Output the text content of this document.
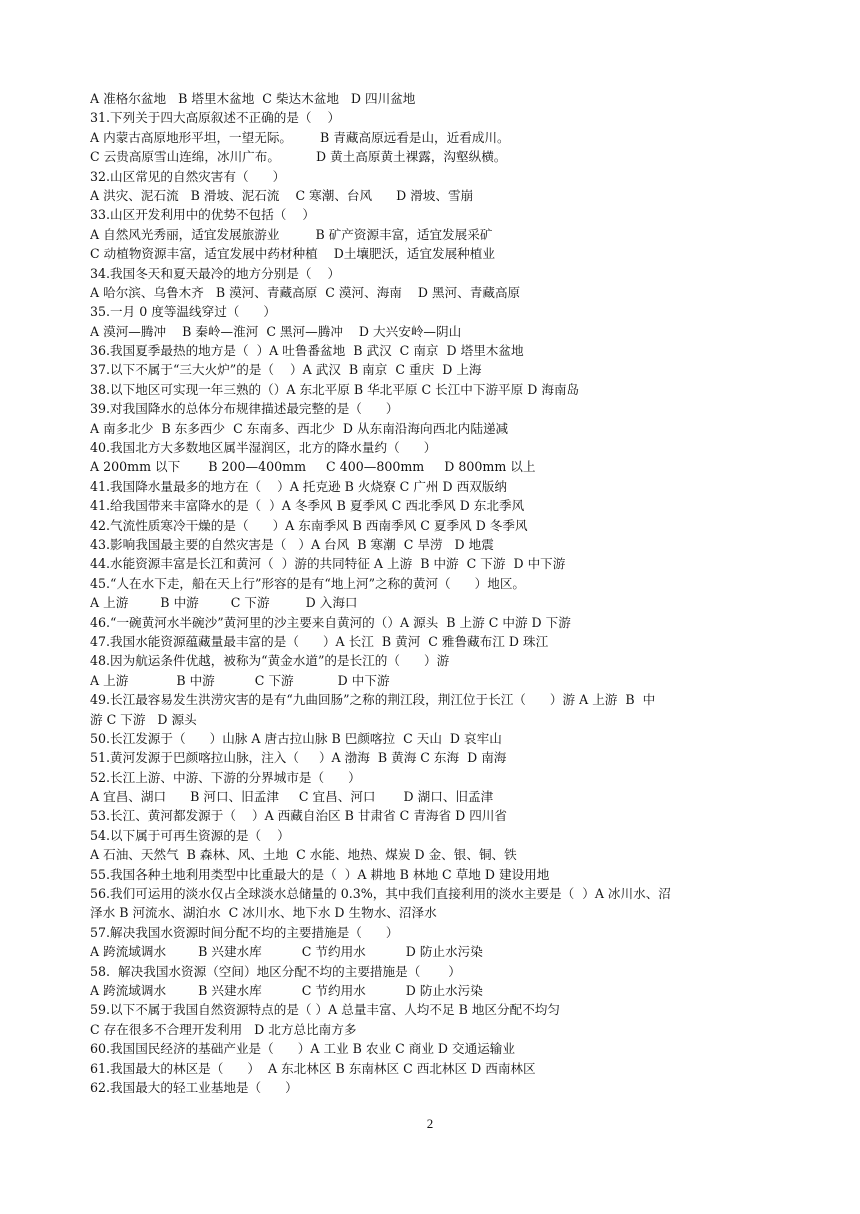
A 准格尔盆地   B 塔里木盆地  C 柴达木盆地   D 四川盆地
31.下列关于四大高原叙述不正确的是（    ）
A 内蒙古高原地形平坦，一望无际。       B 青藏高原远看是山，近看成川。
C 云贵高原雪山连绵，冰川广布。         D 黄土高原黄土裸露，沟壑纵横。
32.山区常见的自然灾害有（      ）
A 洪灾、泥石流   B 滑坡、泥石流    C 寒潮、台风      D 滑坡、雪崩
33.山区开发利用中的优势不包括（    ）
A 自然风光秀丽，适宜发展旅游业         B 矿产资源丰富，适宜发展采矿
C 动植物资源丰富，适宜发展中药材种植    D土壤肥沃，适宜发展种植业
34.我国冬天和夏天最冷的地方分别是（    ）
A 哈尔滨、乌鲁木齐   B 漠河、青藏高原  C 漠河、海南    D 黑河、青藏高原
35.一月 0 度等温线穿过（      ）
A 漠河—腾冲    B 秦岭—淮河  C 黑河—腾冲    D 大兴安岭—阴山
36.我国夏季最热的地方是（  ）A 吐鲁番盆地  B 武汉  C 南京  D 塔里木盆地
37.以下不属于“三大火炉”的是（    ）A 武汉  B 南京  C 重庆  D 上海
38.以下地区可实现一年三熟的（）A 东北平原 B 华北平原 C 长江中下游平原 D 海南岛
39.对我国降水的总体分布规律描述最完整的是（      ）
A 南多北少  B 东多西少  C 东南多、西北少  D 从东南沿海向西北内陆递减
40.我国北方大多数地区属半湿润区，北方的降水量约（      ）
A 200mm 以下       B 200—400mm     C 400—800mm     D 800mm 以上
41.我国降水量最多的地方在（    ）A 托克逊 B 火烧寮 C 广州 D 西双版纳
41.给我国带来丰富降水的是（  ）A 冬季风 B 夏季风 C 西北季风 D 东北季风
42.气流性质寒冷干燥的是（      ）A 东南季风 B 西南季风 C 夏季风 D 冬季风
43.影响我国最主要的自然灾害是（   ）A 台风  B 寒潮  C 旱涝   D 地震
44.水能资源丰富是长江和黄河（  ）游的共同特征 A 上游  B 中游  C 下游  D 中下游
45.“人在水下走，船在天上行”形容的是有“地上河”之称的黄河（      ）地区。
A 上游        B 中游        C 下游         D 入海口
46.“一碗黄河水半碗沙”黄河里的沙主要来自黄河的（）A 源头  B 上游 C 中游 D 下游
47.我国水能资源蕴藏量最丰富的是（      ）A 长江  B 黄河  C 雅鲁藏布江 D 珠江
48.因为航运条件优越，被称为“黄金水道”的是长江的（      ）游
A 上游            B 中游          C 下游           D 中下游
49.长江最容易发生洪涝灾害的是有“九曲回肠”之称的荆江段，荆江位于长江（      ）游 A 上游  B  中
游 C 下游   D 源头
50.长江发源于（      ）山脉 A 唐古拉山脉 B 巴颜喀拉  C 天山  D 哀牢山
51.黄河发源于巴颜喀拉山脉，注入（     ）A 渤海  B 黄海 C 东海  D 南海
52.长江上游、中游、下游的分界城市是（      ）
A 宜昌、湖口      B 河口、旧孟津     C 宜昌、河口       D 湖口、旧孟津
53.长江、黄河都发源于（    ）A 西藏自治区 B 甘肃省 C 青海省 D 四川省
54.以下属于可再生资源的是（    ）
A 石油、天然气  B 森林、风、土地  C 水能、地热、煤炭 D 金、银、铜、铁
55.我国各种土地利用类型中比重最大的是（  ）A 耕地 B 林地 C 草地 D 建设用地
56.我们可运用的淡水仅占全球淡水总储量的 0.3%，其中我们直接利用的淡水主要是（  ）A 冰川水、沼
泽水 B 河流水、湖泊水  C 冰川水、地下水 D 生物水、沼泽水
57.解决我国水资源时间分配不均的主要措施是（      ）
A 跨流域调水        B 兴建水库          C 节约用水          D 防止水污染
58.  解决我国水资源（空间）地区分配不均的主要措施是（       ）
A 跨流域调水        B 兴建水库          C 节约用水          D 防止水污染
59.以下不属于我国自然资源特点的是（ ）A 总量丰富、人均不足 B 地区分配不均匀
C 存在很多不合理开发利用   D 北方总比南方多
60.我国国民经济的基础产业是（      ）A 工业 B 农业 C 商业 D 交通运输业
61.我国最大的林区是（      ）  A 东北林区 B 东南林区 C 西北林区 D 西南林区
62.我国最大的轻工业基地是（      ）
2
